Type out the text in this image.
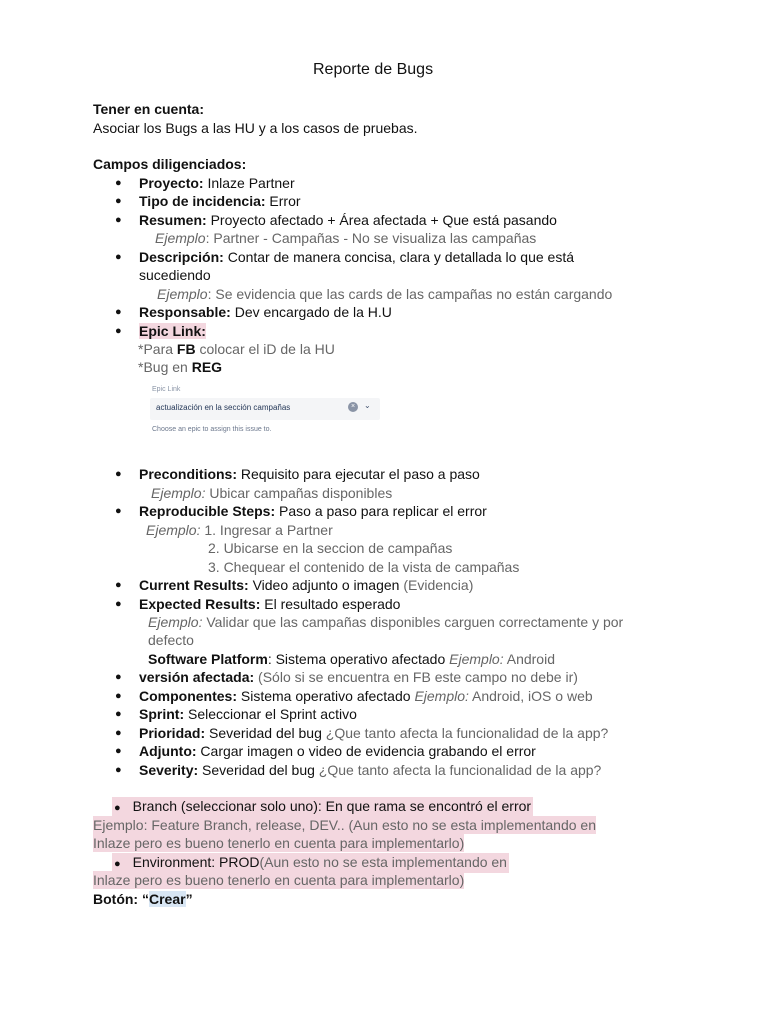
Reporte de Bugs
Tener en cuenta:
Asociar los Bugs a las HU y a los casos de pruebas.
Campos diligenciados:
● Proyecto: Inlaze Partner
● Tipo de incidencia: Error
● Resumen: Proyecto afectado + Área afectada + Que está pasando
Ejemplo: Partner - Campañas - No se visualiza las campañas
● Descripción: Contar de manera concisa, clara y detallada lo que está
sucediendo
Ejemplo: Se evidencia que las cards de las campañas no están cargando
● Responsable: Dev encargado de la H.U
● Epic Link:
*Para FB colocar el iD de la HU
*Bug en REG
Epic Link
actualización en la sección campañas	×	⌄
Choose an epic to assign this issue to.
● Preconditions: Requisito para ejecutar el paso a paso
Ejemplo: Ubicar campañas disponibles
● Reproducible Steps: Paso a paso para replicar el error
Ejemplo: 1. Ingresar a Partner
2. Ubicarse en la seccion de campañas
3. Chequear el contenido de la vista de campañas
● Current Results: Video adjunto o imagen (Evidencia)
● Expected Results: El resultado esperado
Ejemplo: Validar que las campañas disponibles carguen correctamente y por
defecto
Software Platform: Sistema operativo afectado Ejemplo: Android
● versión afectada: (Sólo si se encuentra en FB este campo no debe ir)
● Componentes: Sistema operativo afectado Ejemplo: Android, iOS o web
● Sprint: Seleccionar el Sprint activo
● Prioridad: Severidad del bug ¿Que tanto afecta la funcionalidad de la app?
● Adjunto: Cargar imagen o video de evidencia grabando el error
● Severity: Severidad del bug ¿Que tanto afecta la funcionalidad de la app?
● Branch (seleccionar solo uno): En que rama se encontró el error
Ejemplo: Feature Branch, release, DEV.. (Aun esto no se esta implementando en
Inlaze pero es bueno tenerlo en cuenta para implementarlo)
● Environment: PROD(Aun esto no se esta implementando en
Inlaze pero es bueno tenerlo en cuenta para implementarlo)
Botón: “Crear”
